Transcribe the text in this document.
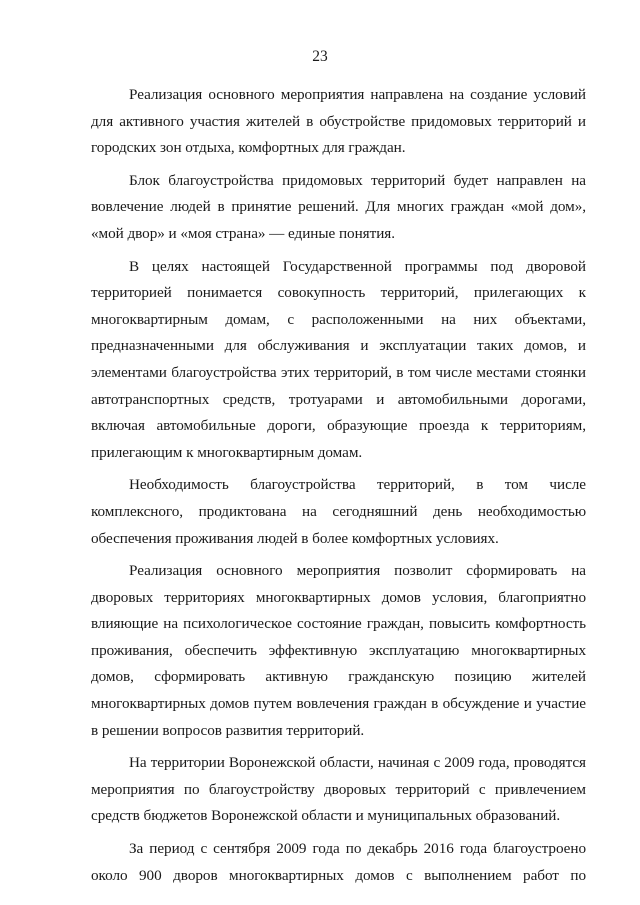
23

Реализация основного мероприятия направлена на создание условий для активного участия жителей в обустройстве придомовых территорий и городских зон отдыха, комфортных для граждан.

Блок благоустройства придомовых территорий будет направлен на вовлечение людей в принятие решений. Для многих граждан «мой дом», «мой двор» и «моя страна» — единые понятия.

В целях настоящей Государственной программы под дворовой территорией понимается совокупность территорий, прилегающих к многоквартирным домам, с расположенными на них объектами, предназначенными для обслуживания и эксплуатации таких домов, и элементами благоустройства этих территорий, в том числе местами стоянки автотранспортных средств, тротуарами и автомобильными дорогами, включая автомобильные дороги, образующие проезда к территориям, прилегающим к многоквартирным домам.

Необходимость благоустройства территорий, в том числе комплексного, продиктована на сегодняшний день необходимостью обеспечения проживания людей в более комфортных условиях.

Реализация основного мероприятия позволит сформировать на дворовых территориях многоквартирных домов условия, благоприятно влияющие на психологическое состояние граждан, повысить комфортность проживания, обеспечить эффективную эксплуатацию многоквартирных домов, сформировать активную гражданскую позицию жителей многоквартирных домов путем вовлечения граждан в обсуждение и участие в решении вопросов развития территорий.

На территории Воронежской области, начиная с 2009 года, проводятся мероприятия по благоустройству дворовых территорий с привлечением средств бюджетов Воронежской области и муниципальных образований.

За период с сентября 2009 года по декабрь 2016 года благоустроено около 900 дворов многоквартирных домов с выполнением работ по
